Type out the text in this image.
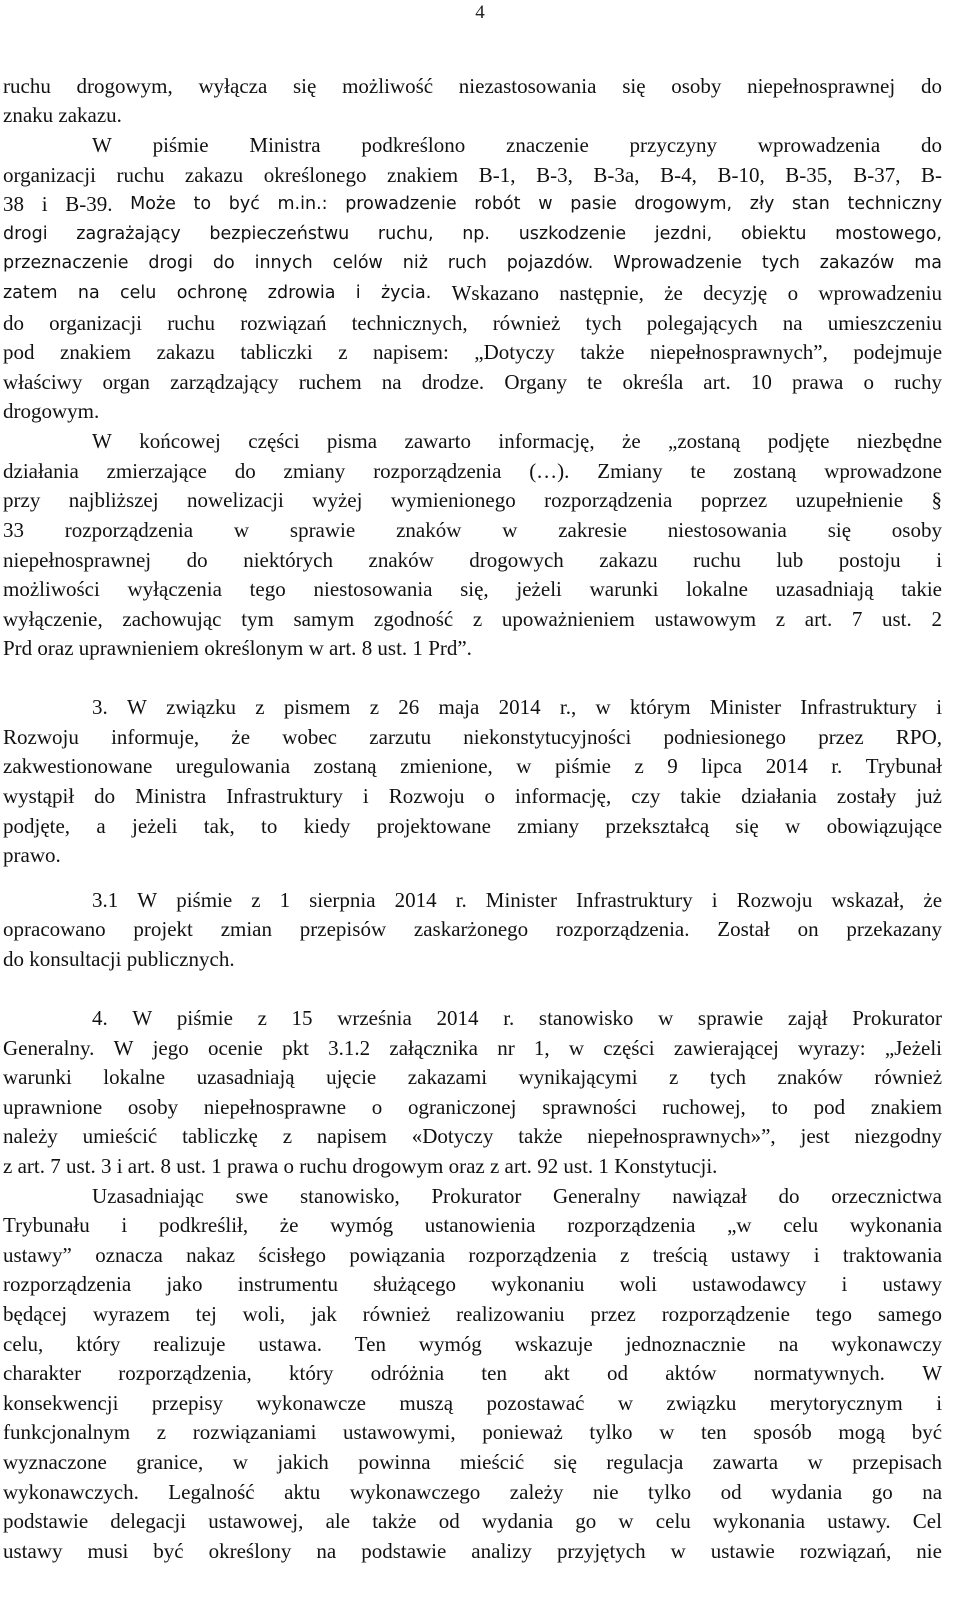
4
ruchu drogowym, wyłącza się możliwość niezastosowania się osoby niepełnosprawnej do
znaku zakazu.
W piśmie Ministra podkreślono znaczenie przyczyny wprowadzenia do
organizacji ruchu zakazu określonego znakiem B-1, B-3, B-3a, B-4, B-10, B-35, B-37, B-
38 i B-39. Może to być m.in.: prowadzenie robót w pasie drogowym, zły stan techniczny
drogi zagrażający bezpieczeństwu ruchu, np. uszkodzenie jezdni, obiektu mostowego,
przeznaczenie drogi do innych celów niż ruch pojazdów. Wprowadzenie tych zakazów ma
zatem na celu ochronę zdrowia i życia. Wskazano następnie, że decyzję o wprowadzeniu
do organizacji ruchu rozwiązań technicznych, również tych polegających na umieszczeniu
pod znakiem zakazu tabliczki z napisem: „Dotyczy także niepełnosprawnych”, podejmuje
właściwy organ zarządzający ruchem na drodze. Organy te określa art. 10 prawa o ruchy
drogowym.
W końcowej części pisma zawarto informację, że „zostaną podjęte niezbędne
działania zmierzające do zmiany rozporządzenia (…). Zmiany te zostaną wprowadzone
przy najbliższej nowelizacji wyżej wymienionego rozporządzenia poprzez uzupełnienie §
33 rozporządzenia w sprawie znaków w zakresie niestosowania się osoby
niepełnosprawnej do niektórych znaków drogowych zakazu ruchu lub postoju i
możliwości wyłączenia tego niestosowania się, jeżeli warunki lokalne uzasadniają takie
wyłączenie, zachowując tym samym zgodność z upoważnieniem ustawowym z art. 7 ust. 2
Prd oraz uprawnieniem określonym w art. 8 ust. 1 Prd”.
3. W związku z pismem z 26 maja 2014 r., w którym Minister Infrastruktury i
Rozwoju informuje, że wobec zarzutu niekonstytucyjności podniesionego przez RPO,
zakwestionowane uregulowania zostaną zmienione, w piśmie z 9 lipca 2014 r. Trybunał
wystąpił do Ministra Infrastruktury i Rozwoju o informację, czy takie działania zostały już
podjęte, a jeżeli tak, to kiedy projektowane zmiany przekształcą się w obowiązujące
prawo.
3.1 W piśmie z 1 sierpnia 2014 r. Minister Infrastruktury i Rozwoju wskazał, że
opracowano projekt zmian przepisów zaskarżonego rozporządzenia. Został on przekazany
do konsultacji publicznych.
4. W piśmie z 15 września 2014 r. stanowisko w sprawie zajął Prokurator
Generalny. W jego ocenie pkt 3.1.2 załącznika nr 1, w części zawierającej wyrazy: „Jeżeli
warunki lokalne uzasadniają ujęcie zakazami wynikającymi z tych znaków również
uprawnione osoby niepełnosprawne o ograniczonej sprawności ruchowej, to pod znakiem
należy umieścić tabliczkę z napisem «Dotyczy także niepełnosprawnych»”, jest niezgodny
z art. 7 ust. 3 i art. 8 ust. 1 prawa o ruchu drogowym oraz z art. 92 ust. 1 Konstytucji.
Uzasadniając swe stanowisko, Prokurator Generalny nawiązał do orzecznictwa
Trybunału i podkreślił, że wymóg ustanowienia rozporządzenia „w celu wykonania
ustawy” oznacza nakaz ścisłego powiązania rozporządzenia z treścią ustawy i traktowania
rozporządzenia jako instrumentu służącego wykonaniu woli ustawodawcy i ustawy
będącej wyrazem tej woli, jak również realizowaniu przez rozporządzenie tego samego
celu, który realizuje ustawa. Ten wymóg wskazuje jednoznacznie na wykonawczy
charakter rozporządzenia, który odróżnia ten akt od aktów normatywnych. W
konsekwencji przepisy wykonawcze muszą pozostawać w związku merytorycznym i
funkcjonalnym z rozwiązaniami ustawowymi, ponieważ tylko w ten sposób mogą być
wyznaczone granice, w jakich powinna mieścić się regulacja zawarta w przepisach
wykonawczych. Legalność aktu wykonawczego zależy nie tylko od wydania go na
podstawie delegacji ustawowej, ale także od wydania go w celu wykonania ustawy. Cel
ustawy musi być określony na podstawie analizy przyjętych w ustawie rozwiązań, nie
